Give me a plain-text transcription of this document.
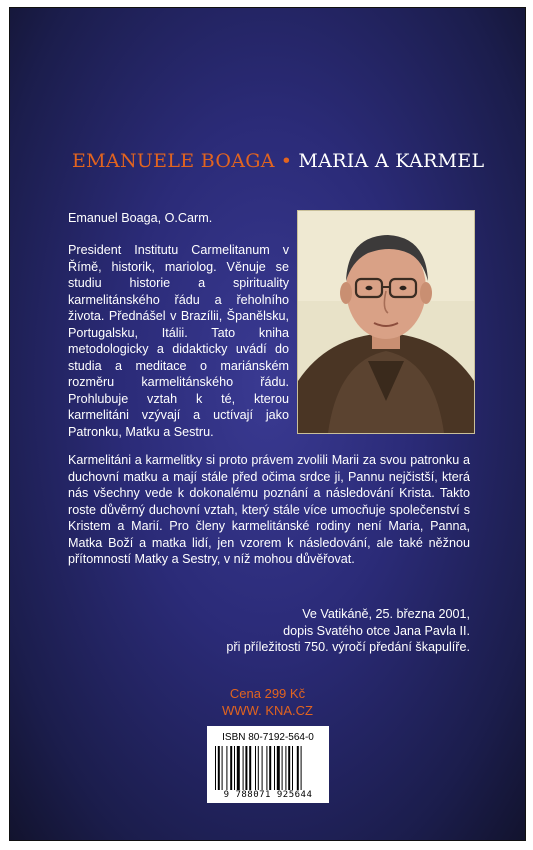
EMANUELE BOAGA • MARIA A KARMEL
Emanuel Boaga, O.Carm.
President Institutu Carmelitanum v Římě, historik, mariolog. Věnuje se studiu historie a spirituality karmelitánského řádu a řeholního života. Přednášel v Brazílii, Španělsku, Portugalsku, Itálii. Tato kniha metodologicky a didakticky uvádí do studia a meditace o mariánském rozměru karmelitánského řádu. Prohlubuje vztah k té, kterou karmelitáni vzývají a uctívají jako Patronku, Matku a Sestru.
Karmelitáni a karmelitky si proto právem zvolili Marii za svou patronku a duchovní matku a mají stále před očima srdce ji, Pannu nejčistší, která nás všechny vede k dokonalému poznání a následování Krista. Takto roste důvěrný duchovní vztah, který stále více umocňuje společenství s Kristem a Marií. Pro členy karmelitánské rodiny není Maria, Panna, Matka Boží a matka lidí, jen vzorem k následování, ale také něžnou přítomností Matky a Sestry, v níž mohou důvěřovat.
Ve Vatikáně, 25. března 2001,
dopis Svatého otce Jana Pavla II.
při příležitosti 750. výročí předání škapulíře.
Cena 299 Kč
WWW. KNA.CZ
ISBN 80-7192-564-0
9 788071 925644
